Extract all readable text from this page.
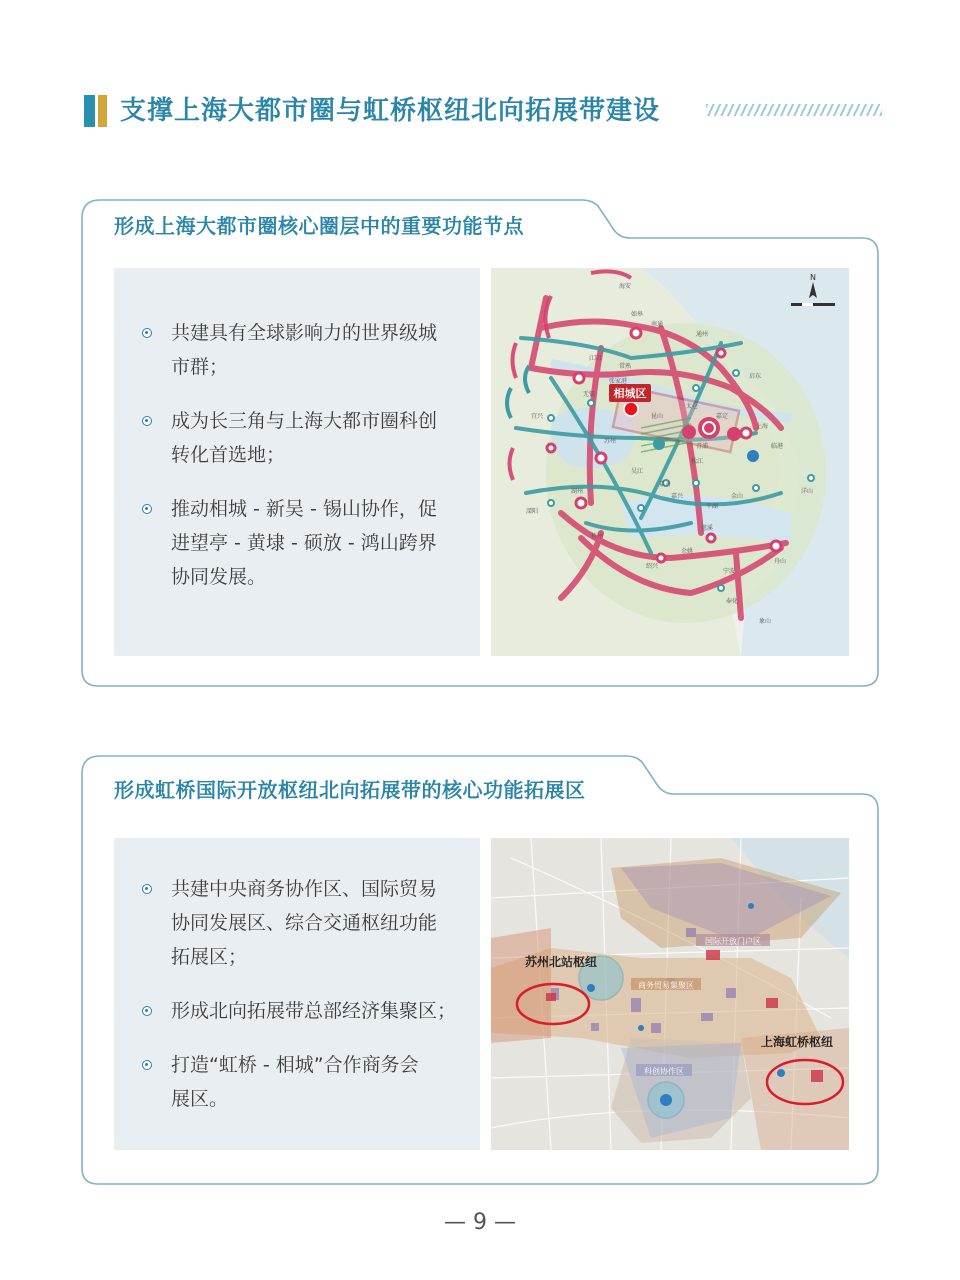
支撑上海大都市圈与虹桥枢纽北向拓展带建设
形成上海大都市圈核心圈层中的重要功能节点
共建具有全球影响力的世界级城
市群；
成为长三角与上海大都市圈科创
转化首选地；
推动相城 - 新吴 - 锡山协作，促
进望亭 - 黄埭 - 硕放 - 鸿山跨界
协同发展。
相城区
海安
如皋
通州
启东
常熟
太仓
昆山
苏州
吴江
湖州
嘉兴
平湖
金山
嘉善
杭州
绍兴
宁波
舟山
慈溪
余姚
奉化
象山
无锡
江阴
张家港
南通
上海
嘉定
青浦
松江
临港
洋山
宜兴
溧阳
N
形成虹桥国际开放枢纽北向拓展带的核心功能拓展区
共建中央商务协作区、国际贸易
协同发展区、综合交通枢纽功能
拓展区；
形成北向拓展带总部经济集聚区；
打造“虹桥 - 相城”合作商务会
展区。
国际开放门户区
商务贸易集聚区
科创协作区
苏州北站枢纽
上海虹桥枢纽
— 9 —
